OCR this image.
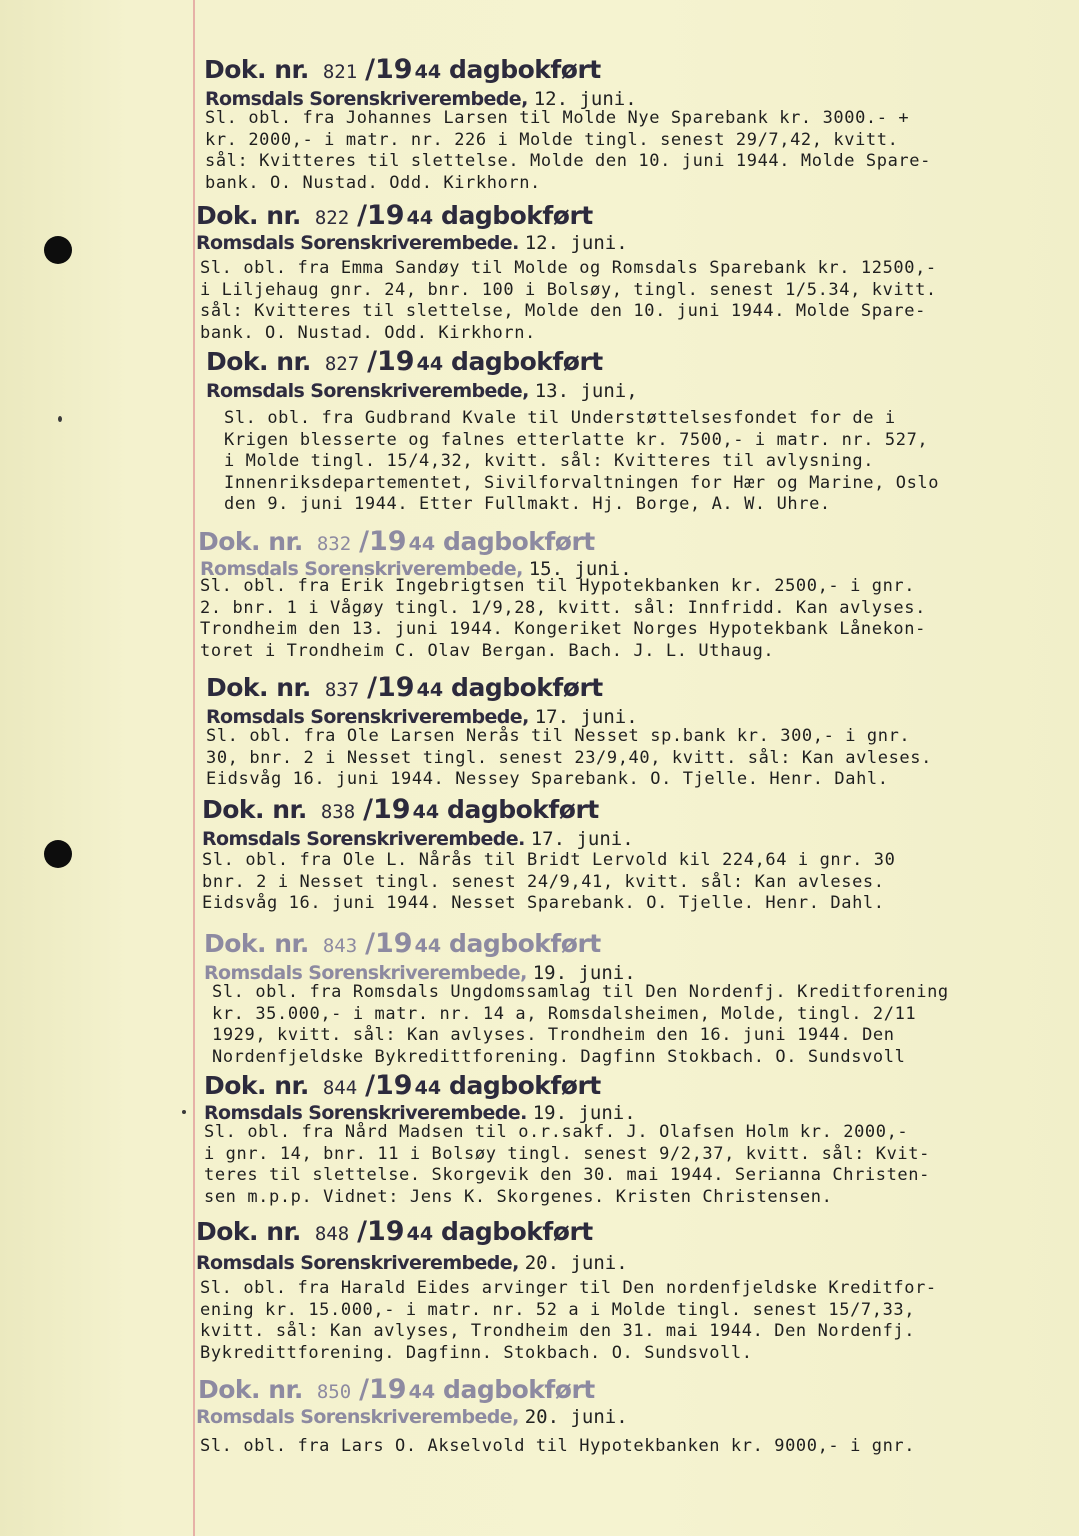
Dok. nr. 821 /19 44 dagbokført
Romsdals Sorenskriverembede, 12. juni.
Sl. obl. fra Johannes Larsen til Molde Nye Sparebank kr. 3000.- +
kr. 2000,- i matr. nr. 226 i Molde tingl. senest 29/7,42, kvitt.
sål: Kvitteres til slettelse. Molde den 10. juni 1944. Molde Spare-
bank. O. Nustad. Odd. Kirkhorn.
Dok. nr. 822 /19 44 dagbokført
Romsdals Sorenskriverembede. 12. juni.
Sl. obl. fra Emma Sandøy til Molde og Romsdals Sparebank kr. 12500,-
i Liljehaug gnr. 24, bnr. 100 i Bolsøy, tingl. senest 1/5.34, kvitt.
sål: Kvitteres til slettelse, Molde den 10. juni 1944. Molde Spare-
bank. O. Nustad. Odd. Kirkhorn.
Dok. nr. 827 /19 44 dagbokført
Romsdals Sorenskriverembede, 13. juni,
Sl. obl. fra Gudbrand Kvale til Understøttelsesfondet for de i
Krigen blesserte og falnes etterlatte kr. 7500,- i matr. nr. 527,
i Molde tingl. 15/4,32, kvitt. sål: Kvitteres til avlysning.
Innenriksdepartementet, Sivilforvaltningen for Hær og Marine, Oslo
den 9. juni 1944. Etter Fullmakt. Hj. Borge, A. W. Uhre.
Dok. nr. 832 /19 44 dagbokført
Romsdals Sorenskriverembede, 15. juni.
Sl. obl. fra Erik Ingebrigtsen til Hypotekbanken kr. 2500,- i gnr.
2. bnr. 1 i Vågøy tingl. 1/9,28, kvitt. sål: Innfridd. Kan avlyses.
Trondheim den 13. juni 1944. Kongeriket Norges Hypotekbank Lånekon-
toret i Trondheim C. Olav Bergan. Bach. J. L. Uthaug.
Dok. nr. 837 /19 44 dagbokført
Romsdals Sorenskriverembede, 17. juni.
Sl. obl. fra Ole Larsen Nerås til Nesset sp.bank kr. 300,- i gnr.
30, bnr. 2 i Nesset tingl. senest 23/9,40, kvitt. sål: Kan avleses.
Eidsvåg 16. juni 1944. Nessey Sparebank. O. Tjelle. Henr. Dahl.
Dok. nr. 838 /19 44 dagbokført
Romsdals Sorenskriverembede. 17. juni.
Sl. obl. fra Ole L. Nårås til Bridt Lervold kil 224,64 i gnr. 30
bnr. 2 i Nesset tingl. senest 24/9,41, kvitt. sål: Kan avleses.
Eidsvåg 16. juni 1944. Nesset Sparebank. O. Tjelle. Henr. Dahl.
Dok. nr. 843 /19 44 dagbokført
Romsdals Sorenskriverembede, 19. juni.
Sl. obl. fra Romsdals Ungdomssamlag til Den Nordenfj. Kreditforening
kr. 35.000,- i matr. nr. 14 a, Romsdalsheimen, Molde, tingl. 2/11
1929, kvitt. sål: Kan avlyses. Trondheim den 16. juni 1944. Den
Nordenfjeldske Bykredittforening. Dagfinn Stokbach. O. Sundsvoll
Dok. nr. 844 /19 44 dagbokført
Romsdals Sorenskriverembede. 19. juni.
Sl. obl. fra Nård Madsen til o.r.sakf. J. Olafsen Holm kr. 2000,-
i gnr. 14, bnr. 11 i Bolsøy tingl. senest 9/2,37, kvitt. sål: Kvit-
teres til slettelse. Skorgevik den 30. mai 1944. Serianna Christen-
sen m.p.p. Vidnet: Jens K. Skorgenes. Kristen Christensen.
Dok. nr. 848 /19 44 dagbokført
Romsdals Sorenskriverembede, 20. juni.
Sl. obl. fra Harald Eides arvinger til Den nordenfjeldske Kreditfor-
ening kr. 15.000,- i matr. nr. 52 a i Molde tingl. senest 15/7,33,
kvitt. sål: Kan avlyses, Trondheim den 31. mai 1944. Den Nordenfj.
Bykredittforening. Dagfinn. Stokbach. O. Sundsvoll.
Dok. nr. 850 /19 44 dagbokført
Romsdals Sorenskriverembede, 20. juni.
Sl. obl. fra Lars O. Akselvold til Hypotekbanken kr. 9000,- i gnr.
